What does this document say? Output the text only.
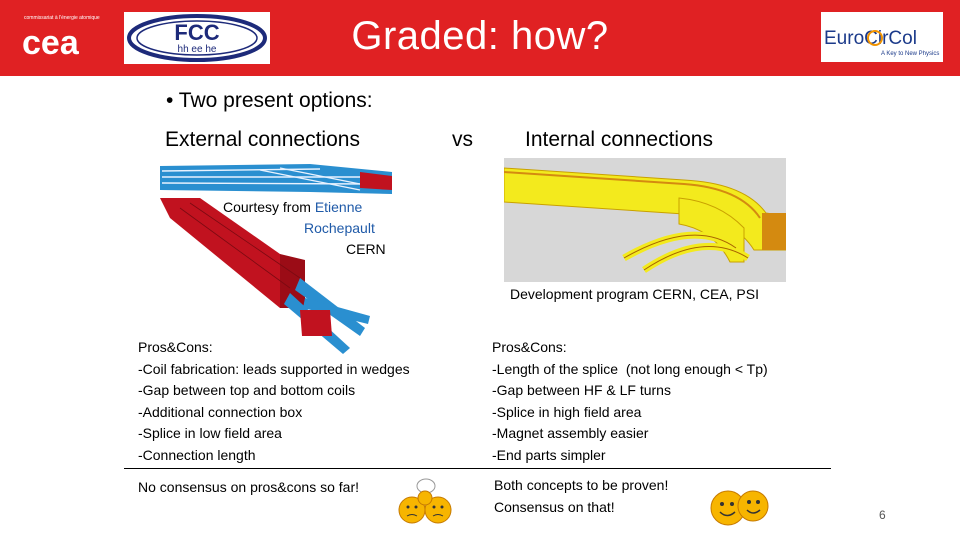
commissariat à l'énergie atomique
cea	FCC
hh ee he	Graded: how?	EuroCirCol
A Key to New Physics
• Two present options:
External connections	vs Internal connections
Courtesy from Etienne
Rochepault
CERN
Development program CERN, CEA, PSI
Pros&Cons:
-Coil fabrication: leads supported in wedges
-Gap between top and bottom coils
-Additional connection box
-Splice in low field area
-Connection length
Pros&Cons:
-Length of the splice  (not long enough < Tp)
-Gap between HF & LF turns
-Splice in high field area
-Magnet assembly easier
-End parts simpler
No consensus on pros&cons so far!	Both concepts to be proven!
Consensus on that!
6
